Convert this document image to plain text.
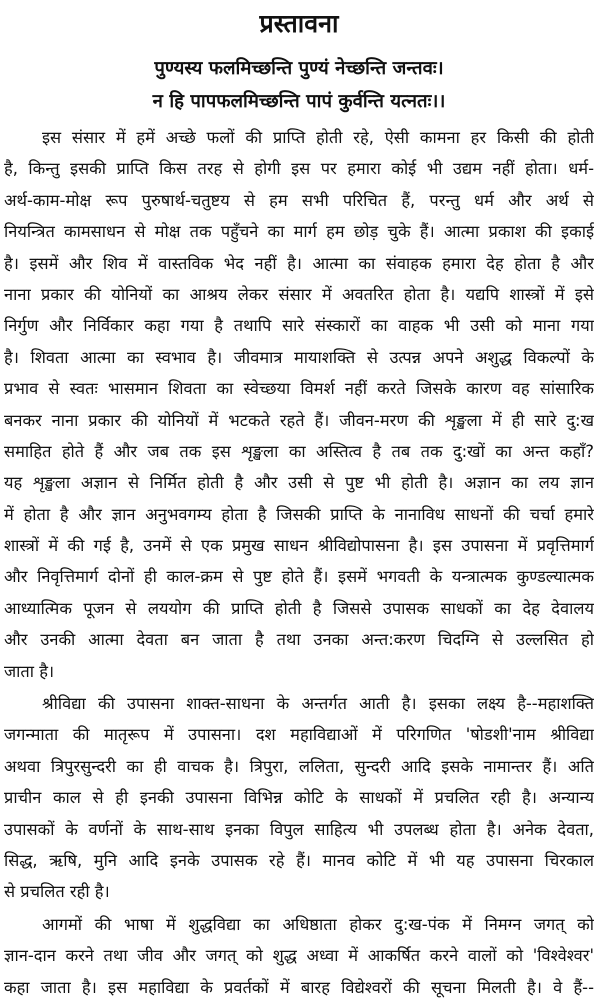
प्रस्तावना
पुण्यस्य फलमिच्छन्ति पुण्यं नेच्छन्ति जन्तवः।
न हि पापफलमिच्छन्ति पापं कुर्वन्ति यत्नतः।।
इस संसार में हमें अच्छे फलों की प्राप्ति होती रहे, ऐसी कामना हर किसी की होती
है, किन्तु इसकी प्राप्ति किस तरह से होगी इस पर हमारा कोई भी उद्यम नहीं होता। धर्म-
अर्थ-काम-मोक्ष रूप पुरुषार्थ-चतुष्टय से हम सभी परिचित हैं, परन्तु धर्म और अर्थ से
नियन्त्रित कामसाधन से मोक्ष तक पहुँचने का मार्ग हम छोड़ चुके हैं। आत्मा प्रकाश की इकाई
है। इसमें और शिव में वास्तविक भेद नहीं है। आत्मा का संवाहक हमारा देह होता है और
नाना प्रकार की योनियों का आश्रय लेकर संसार में अवतरित होता है। यद्यपि शास्त्रों में इसे
निर्गुण और निर्विकार कहा गया है तथापि सारे संस्कारों का वाहक भी उसी को माना गया
है। शिवता आत्मा का स्वभाव है। जीवमात्र मायाशक्ति से उत्पन्न अपने अशुद्ध विकल्पों के
प्रभाव से स्वतः भासमान शिवता का स्वेच्छया विमर्श नहीं करते जिसके कारण वह सांसारिक
बनकर नाना प्रकार की योनियों में भटकते रहते हैं। जीवन-मरण की शृङ्खला में ही सारे दु:ख
समाहित होते हैं और जब तक इस शृङ्खला का अस्तित्व है तब तक दु:खों का अन्त कहाँ?
यह शृङ्खला अज्ञान से निर्मित होती है और उसी से पुष्ट भी होती है। अज्ञान का लय ज्ञान
में होता है और ज्ञान अनुभवगम्य होता है जिसकी प्राप्ति के नानाविध साधनों की चर्चा हमारे
शास्त्रों में की गई है, उनमें से एक प्रमुख साधन श्रीविद्योपासना है। इस उपासना में प्रवृत्तिमार्ग
और निवृत्तिमार्ग दोनों ही काल-क्रम से पुष्ट होते हैं। इसमें भगवती के यन्त्रात्मक कुण्डल्यात्मक
आध्यात्मिक पूजन से लययोग की प्राप्ति होती है जिससे उपासक साधकों का देह देवालय
और उनकी आत्मा देवता बन जाता है तथा उनका अन्त:करण चिदग्नि से उल्लसित हो
जाता है।
श्रीविद्या की उपासना शाक्त-साधना के अन्तर्गत आती है। इसका लक्ष्य है--महाशक्ति
जगन्माता की मातृरूप में उपासना। दश महाविद्याओं में परिगणित 'षोडशी'नाम श्रीविद्या
अथवा त्रिपुरसुन्दरी का ही वाचक है। त्रिपुरा, ललिता, सुन्दरी आदि इसके नामान्तर हैं। अति
प्राचीन काल से ही इनकी उपासना विभिन्न कोटि के साधकों में प्रचलित रही है। अन्यान्य
उपासकों के वर्णनों के साथ-साथ इनका विपुल साहित्य भी उपलब्ध होता है। अनेक देवता,
सिद्ध, ऋषि, मुनि आदि इनके उपासक रहे हैं। मानव कोटि में भी यह उपासना चिरकाल
से प्रचलित रही है।
आगमों की भाषा में शुद्धविद्या का अधिष्ठाता होकर दु:ख-पंक में निमग्न जगत् को
ज्ञान-दान करने तथा जीव और जगत् को शुद्ध अध्वा में आकर्षित करने वालों को 'विश्वेश्वर'
कहा जाता है। इस महाविद्या के प्रवर्तकों में बारह विद्येश्वरों की सूचना मिलती है। वे हैं--
